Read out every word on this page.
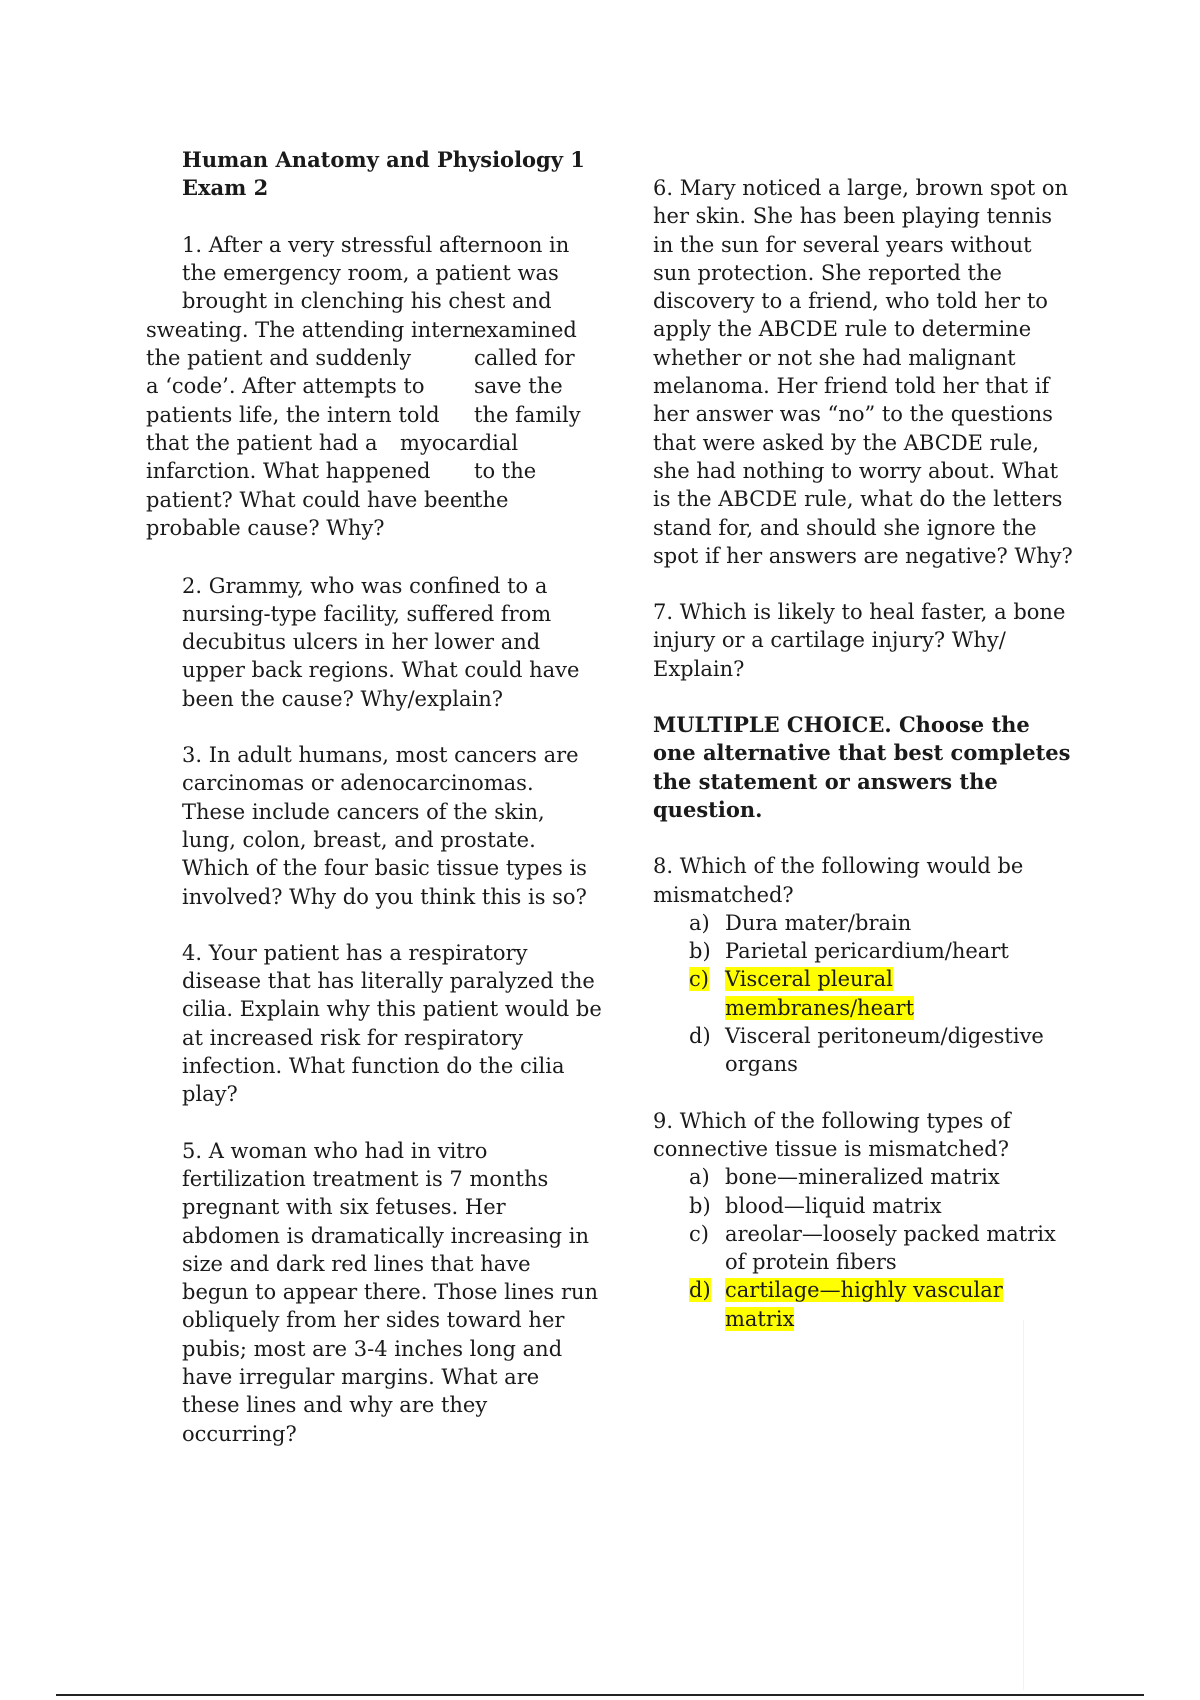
Human Anatomy and Physiology 1
Exam 2
1. After a very stressful afternoon in
the emergency room, a patient was
brought in clenching his chest and
sweating. The attending intern
examined
the patient and suddenly	called for
a ‘code’. After attempts to save the
patients life, the intern told the family
that the patient had a myocardial
infarction. What happened to the
patient? What could have been
the
probable cause? Why?

2. Grammy, who was confined to a nursing-type facility, suffered from decubitus ulcers in her lower and upper back regions. What could have been the cause? Why/explain?

3. In adult humans, most cancers are carcinomas or adenocarcinomas. These include cancers of the skin, lung, colon, breast, and prostate. Which of the four basic tissue types is involved? Why do you think this is so?

4. Your patient has a respiratory disease that has literally paralyzed the cilia. Explain why this patient would be at increased risk for respiratory infection. What function do the cilia play?

5. A woman who had in vitro fertilization treatment is 7 months pregnant with six fetuses. Her abdomen is dramatically increasing in size and dark red lines that have begun to appear there. Those lines run obliquely from her sides toward her pubis; most are 3-4 inches long and have irregular margins. What are these lines and why are they occurring?

6. Mary noticed a large, brown spot on her skin. She has been playing tennis in the sun for several years without sun protection. She reported the discovery to a friend, who told her to apply the ABCDE rule to determine whether or not she had malignant melanoma. Her friend told her that if her answer was “no” to the questions that were asked by the ABCDE rule, she had nothing to worry about. What is the ABCDE rule, what do the letters stand for, and should she ignore the spot if her answers are negative? Why?

7. Which is likely to heal faster, a bone injury or a cartilage injury? Why/ Explain?

MULTIPLE CHOICE. Choose the one alternative that best completes the statement or answers the question.

8. Which of the following would be mismatched?

a) Dura mater/brain
b) Parietal pericardium/heart
c) Visceral pleural membranes/heart
d) Visceral peritoneum/digestive organs

9. Which of the following types of connective tissue is mismatched?

a) bone—mineralized matrix
b) blood—liquid matrix
c) areolar—loosely packed matrix of protein fibers
d) cartilage—highly vascular matrix
